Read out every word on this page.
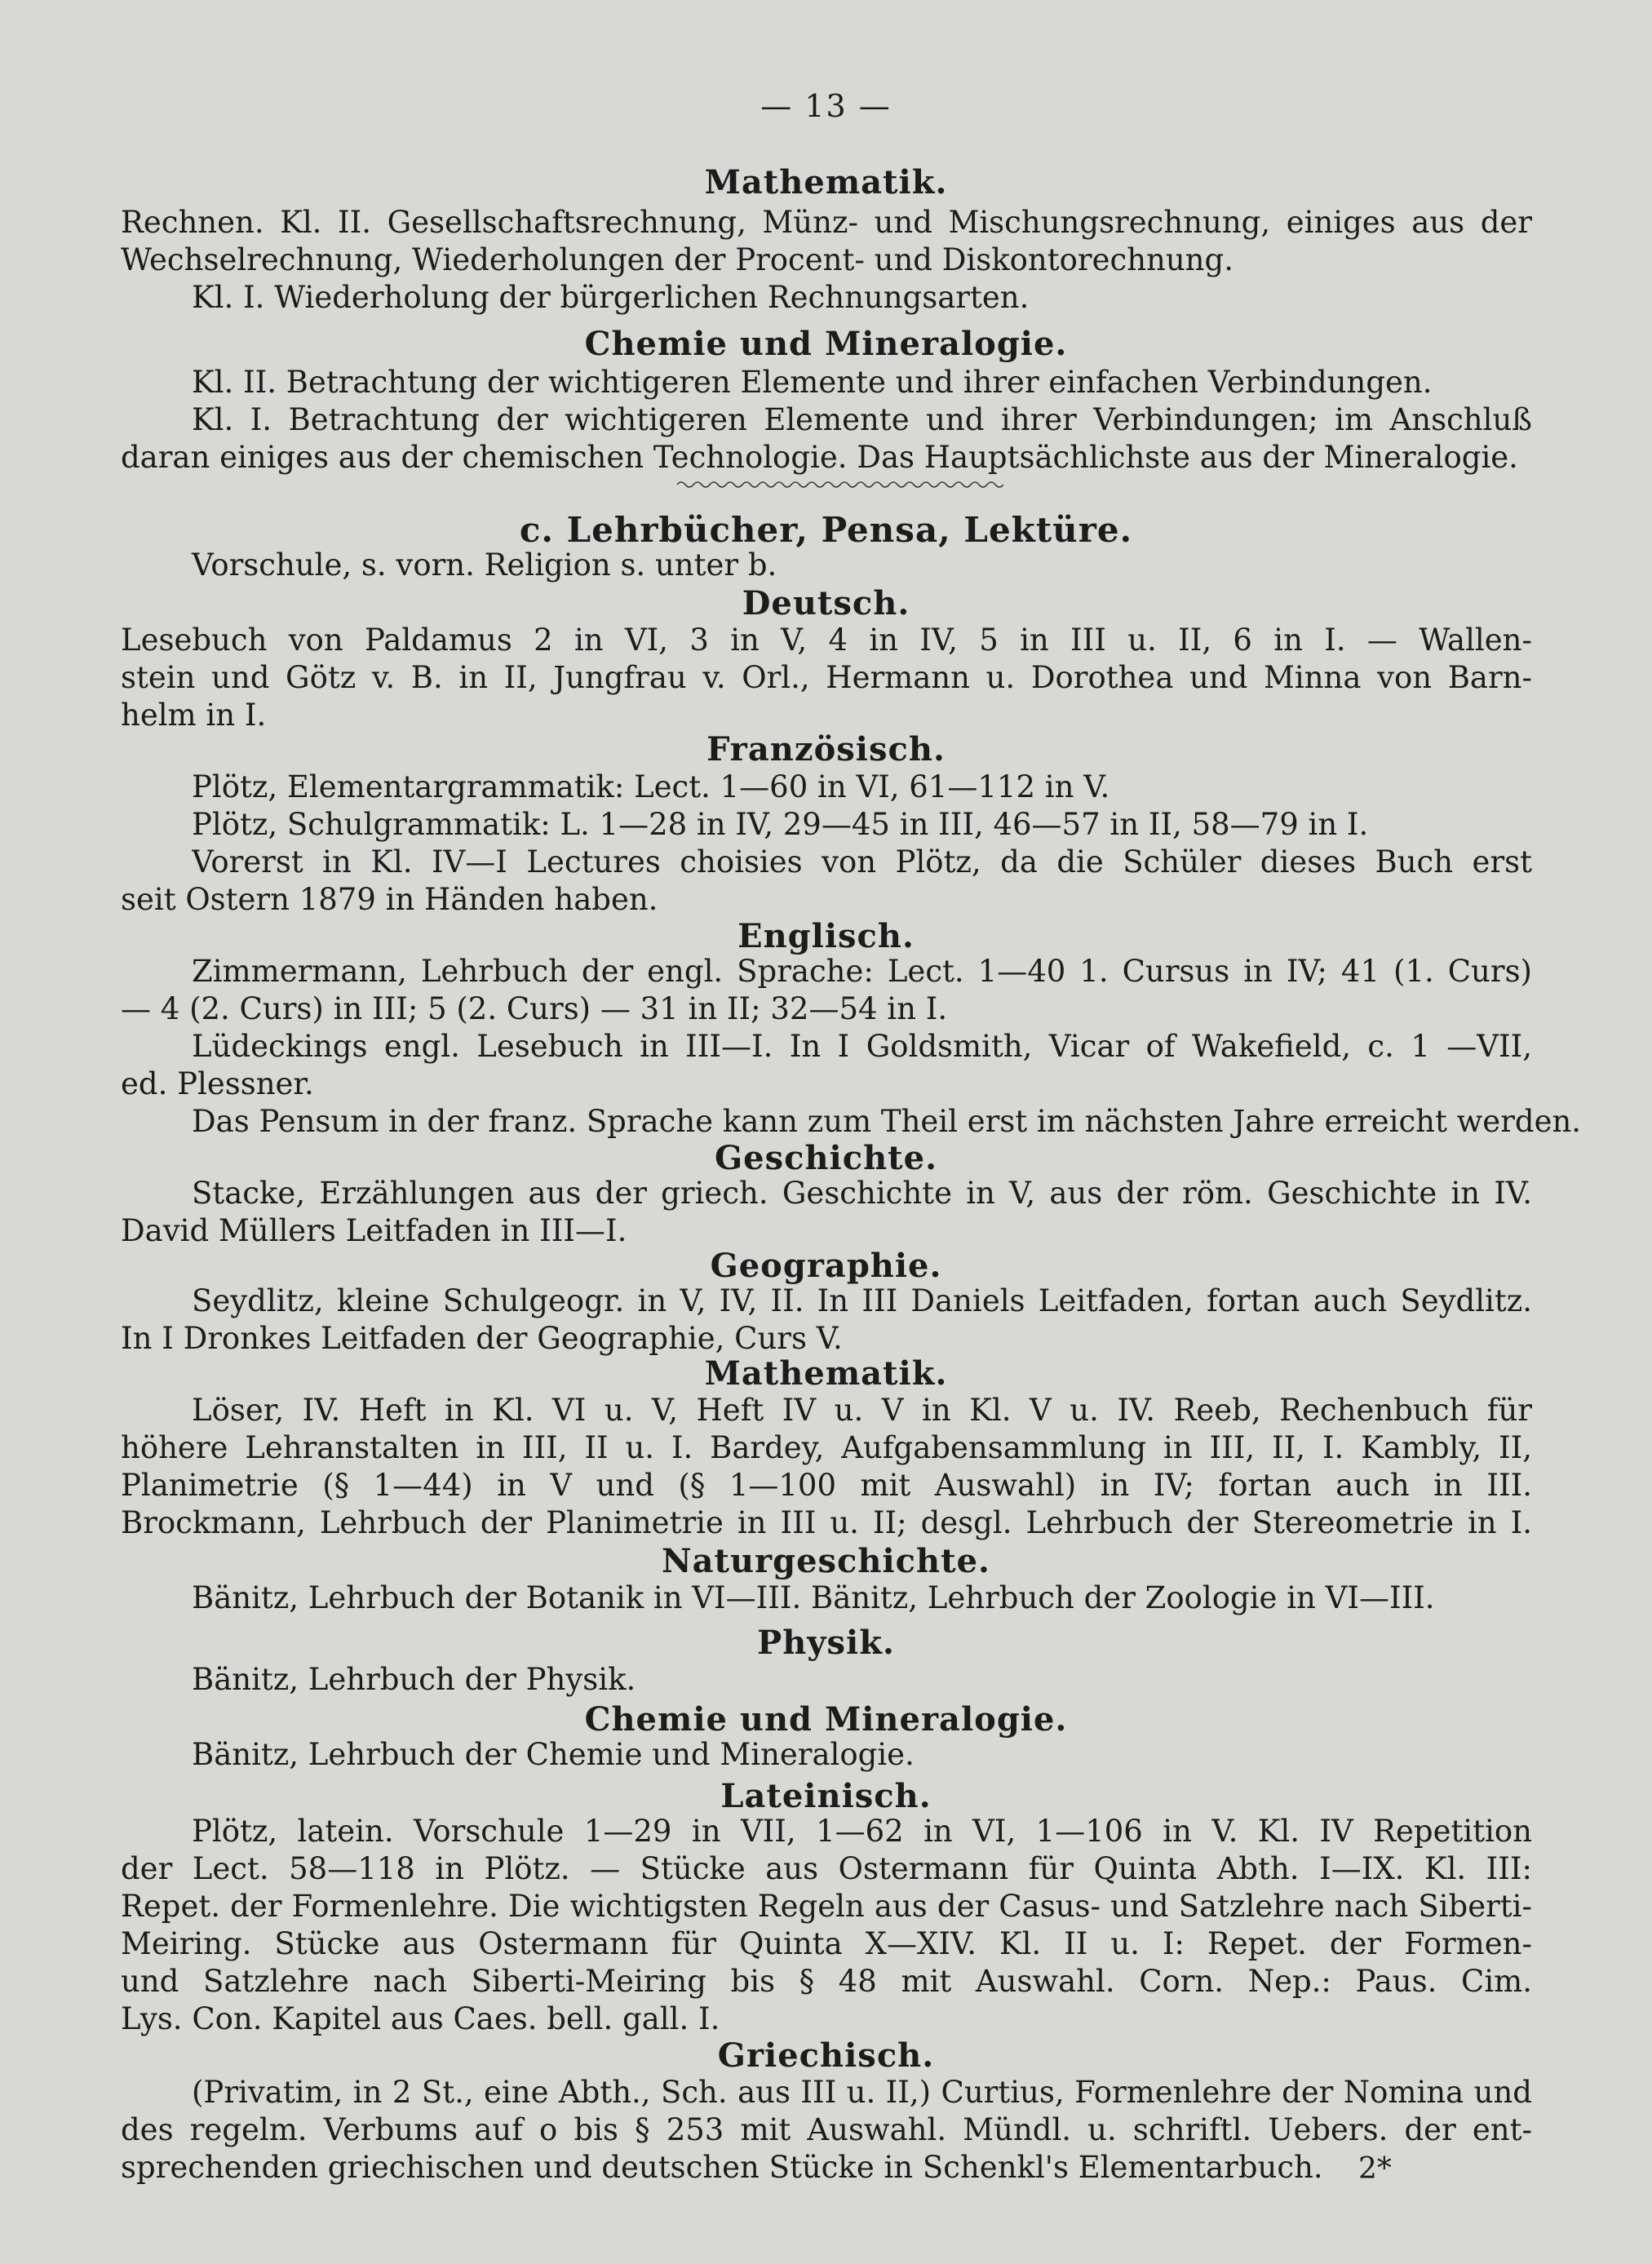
— 13 —
Mathematik.
Rechnen. Kl. II. Gesellschaftsrechnung, Münz- und Mischungsrechnung, einiges aus der
Wechselrechnung, Wiederholungen der Procent- und Diskontorechnung.
Kl. I. Wiederholung der bürgerlichen Rechnungsarten.
Chemie und Mineralogie.
Kl. II. Betrachtung der wichtigeren Elemente und ihrer einfachen Verbindungen.
Kl. I. Betrachtung der wichtigeren Elemente und ihrer Verbindungen; im Anschluß
daran einiges aus der chemischen Technologie. Das Hauptsächlichste aus der Mineralogie.
c. Lehrbücher, Pensa, Lektüre.
Vorschule, s. vorn. Religion s. unter b.
Deutsch.
Lesebuch von Paldamus 2 in VI, 3 in V, 4 in IV, 5 in III u. II, 6 in I. — Wallen-
stein und Götz v. B. in II, Jungfrau v. Orl., Hermann u. Dorothea und Minna von Barn-
helm in I.
Französisch.
Plötz, Elementargrammatik: Lect. 1—60 in VI, 61—112 in V.
Plötz, Schulgrammatik: L. 1—28 in IV, 29—45 in III, 46—57 in II, 58—79 in I.
Vorerst in Kl. IV—I Lectures choisies von Plötz, da die Schüler dieses Buch erst
seit Ostern 1879 in Händen haben.
Englisch.
Zimmermann, Lehrbuch der engl. Sprache: Lect. 1—40 1. Cursus in IV; 41 (1. Curs)
— 4 (2. Curs) in III; 5 (2. Curs) — 31 in II; 32—54 in I.
Lüdeckings engl. Lesebuch in III—I. In I Goldsmith, Vicar of Wakefield, c. 1 —VII,
ed. Plessner.
Das Pensum in der franz. Sprache kann zum Theil erst im nächsten Jahre erreicht werden.
Geschichte.
Stacke, Erzählungen aus der griech. Geschichte in V, aus der röm. Geschichte in IV.
David Müllers Leitfaden in III—I.
Geographie.
Seydlitz, kleine Schulgeogr. in V, IV, II. In III Daniels Leitfaden, fortan auch Seydlitz.
In I Dronkes Leitfaden der Geographie, Curs V.
Mathematik.
Löser, IV. Heft in Kl. VI u. V, Heft IV u. V in Kl. V u. IV. Reeb, Rechenbuch für
höhere Lehranstalten in III, II u. I. Bardey, Aufgabensammlung in III, II, I. Kambly, II,
Planimetrie (§ 1—44) in V und (§ 1—100 mit Auswahl) in IV; fortan auch in III.
Brockmann, Lehrbuch der Planimetrie in III u. II; desgl. Lehrbuch der Stereometrie in I.
Naturgeschichte.
Bänitz, Lehrbuch der Botanik in VI—III. Bänitz, Lehrbuch der Zoologie in VI—III.
Physik.
Bänitz, Lehrbuch der Physik.
Chemie und Mineralogie.
Bänitz, Lehrbuch der Chemie und Mineralogie.
Lateinisch.
Plötz, latein. Vorschule 1—29 in VII, 1—62 in VI, 1—106 in V. Kl. IV Repetition
der Lect. 58—118 in Plötz. — Stücke aus Ostermann für Quinta Abth. I—IX. Kl. III:
Repet. der Formenlehre. Die wichtigsten Regeln aus der Casus- und Satzlehre nach Siberti-
Meiring. Stücke aus Ostermann für Quinta X—XIV. Kl. II u. I: Repet. der Formen-
und Satzlehre nach Siberti-Meiring bis § 48 mit Auswahl. Corn. Nep.: Paus. Cim.
Lys. Con. Kapitel aus Caes. bell. gall. I.
Griechisch.
(Privatim, in 2 St., eine Abth., Sch. aus III u. II,) Curtius, Formenlehre der Nomina und
des regelm. Verbums auf o bis § 253 mit Auswahl. Mündl. u. schriftl. Uebers. der ent-
sprechenden griechischen und deutschen Stücke in Schenkl's Elementarbuch. 2*
